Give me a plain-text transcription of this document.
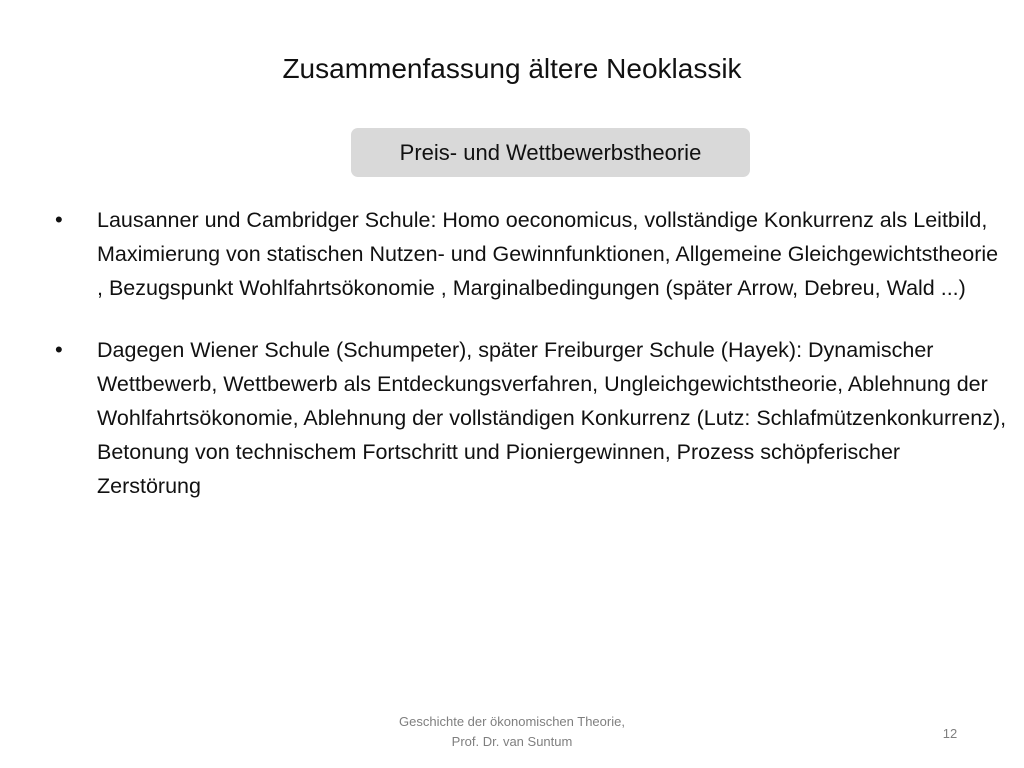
Zusammenfassung ältere Neoklassik
Preis- und Wettbewerbstheorie
•	Lausanner und Cambridger Schule: Homo oeconomicus, vollständige Konkurrenz als Leitbild, Maximierung von statischen Nutzen- und Gewinnfunktionen, Allgemeine Gleichgewichtstheorie , Bezugspunkt Wohlfahrtsökonomie , Marginalbedingungen (später Arrow, Debreu, Wald ...)
•	Dagegen Wiener Schule (Schumpeter), später Freiburger Schule (Hayek): Dynamischer Wettbewerb, Wettbewerb als Entdeckungsverfahren, Ungleichgewichtstheorie, Ablehnung der Wohlfahrtsökonomie, Ablehnung der vollständigen Konkurrenz (Lutz: Schlafmützenkonkurrenz), Betonung von technischem Fortschritt und Pioniergewinnen, Prozess schöpferischer Zerstörung
Geschichte der ökonomischen Theorie,
Prof. Dr. van Suntum
12
